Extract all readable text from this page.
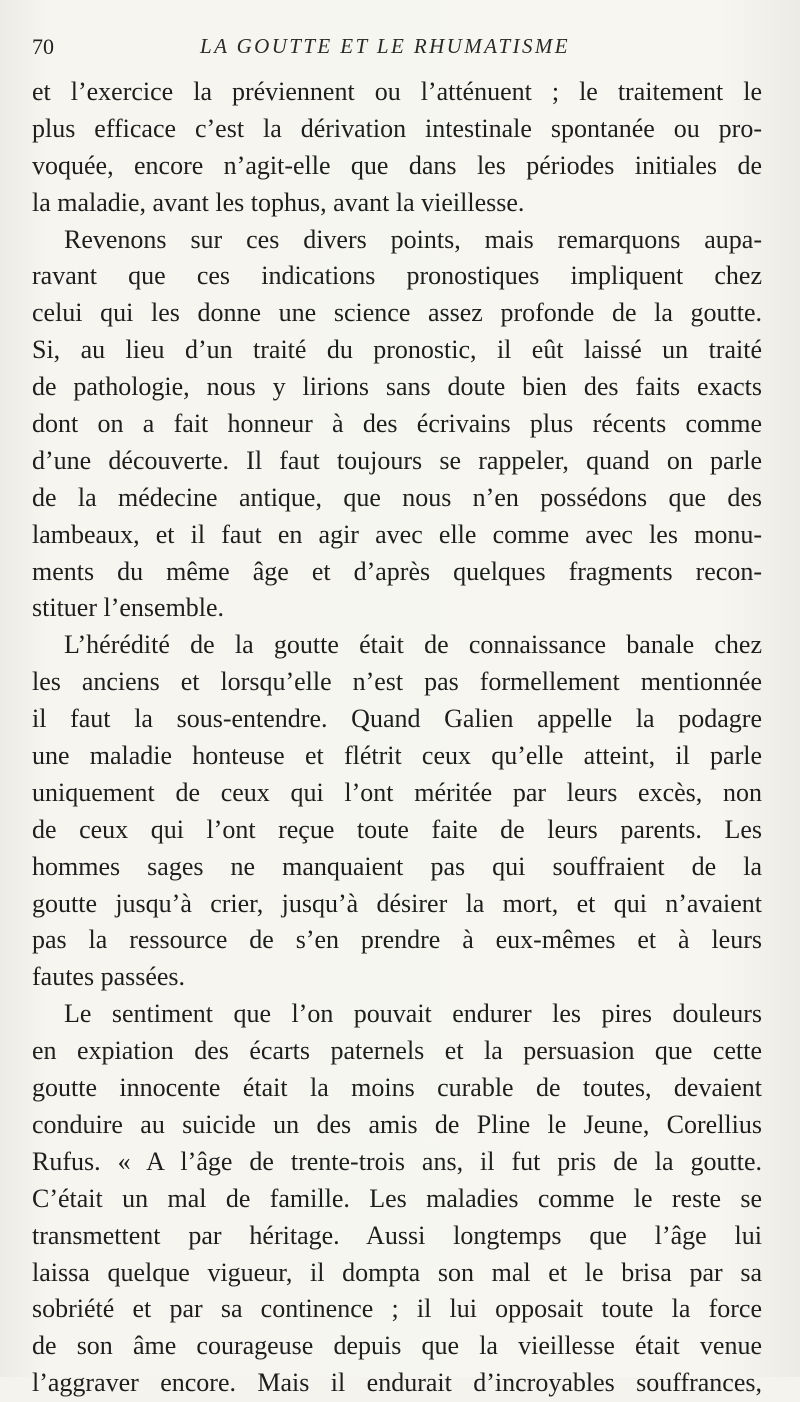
70	LA GOUTTE ET LE RHUMATISME
et l’exercice la préviennent ou l’atténuent ; le traitement le
plus efficace c’est la dérivation intestinale spontanée ou pro-
voquée, encore n’agit-elle que dans les périodes initiales de
la maladie, avant les tophus, avant la vieillesse.
Revenons sur ces divers points, mais remarquons aupa-
ravant que ces indications pronostiques impliquent chez
celui qui les donne une science assez profonde de la goutte.
Si, au lieu d’un traité du pronostic, il eût laissé un traité
de pathologie, nous y lirions sans doute bien des faits exacts
dont on a fait honneur à des écrivains plus récents comme
d’une découverte. Il faut toujours se rappeler, quand on parle
de la médecine antique, que nous n’en possédons que des
lambeaux, et il faut en agir avec elle comme avec les monu-
ments du même âge et d’après quelques fragments recon-
stituer l’ensemble.
L’hérédité de la goutte était de connaissance banale chez
les anciens et lorsqu’elle n’est pas formellement mentionnée
il faut la sous-entendre. Quand Galien appelle la podagre
une maladie honteuse et flétrit ceux qu’elle atteint, il parle
uniquement de ceux qui l’ont méritée par leurs excès, non
de ceux qui l’ont reçue toute faite de leurs parents. Les
hommes sages ne manquaient pas qui souffraient de la
goutte jusqu’à crier, jusqu’à désirer la mort, et qui n’avaient
pas la ressource de s’en prendre à eux-mêmes et à leurs
fautes passées.
Le sentiment que l’on pouvait endurer les pires douleurs
en expiation des écarts paternels et la persuasion que cette
goutte innocente était la moins curable de toutes, devaient
conduire au suicide un des amis de Pline le Jeune, Corellius
Rufus. « A l’âge de trente-trois ans, il fut pris de la goutte.
C’était un mal de famille. Les maladies comme le reste se
transmettent par héritage. Aussi longtemps que l’âge lui
laissa quelque vigueur, il dompta son mal et le brisa par sa
sobriété et par sa continence ; il lui opposait toute la force
de son âme courageuse depuis que la vieillesse était venue
l’aggraver encore. Mais il endurait d’incroyables souffrances,
